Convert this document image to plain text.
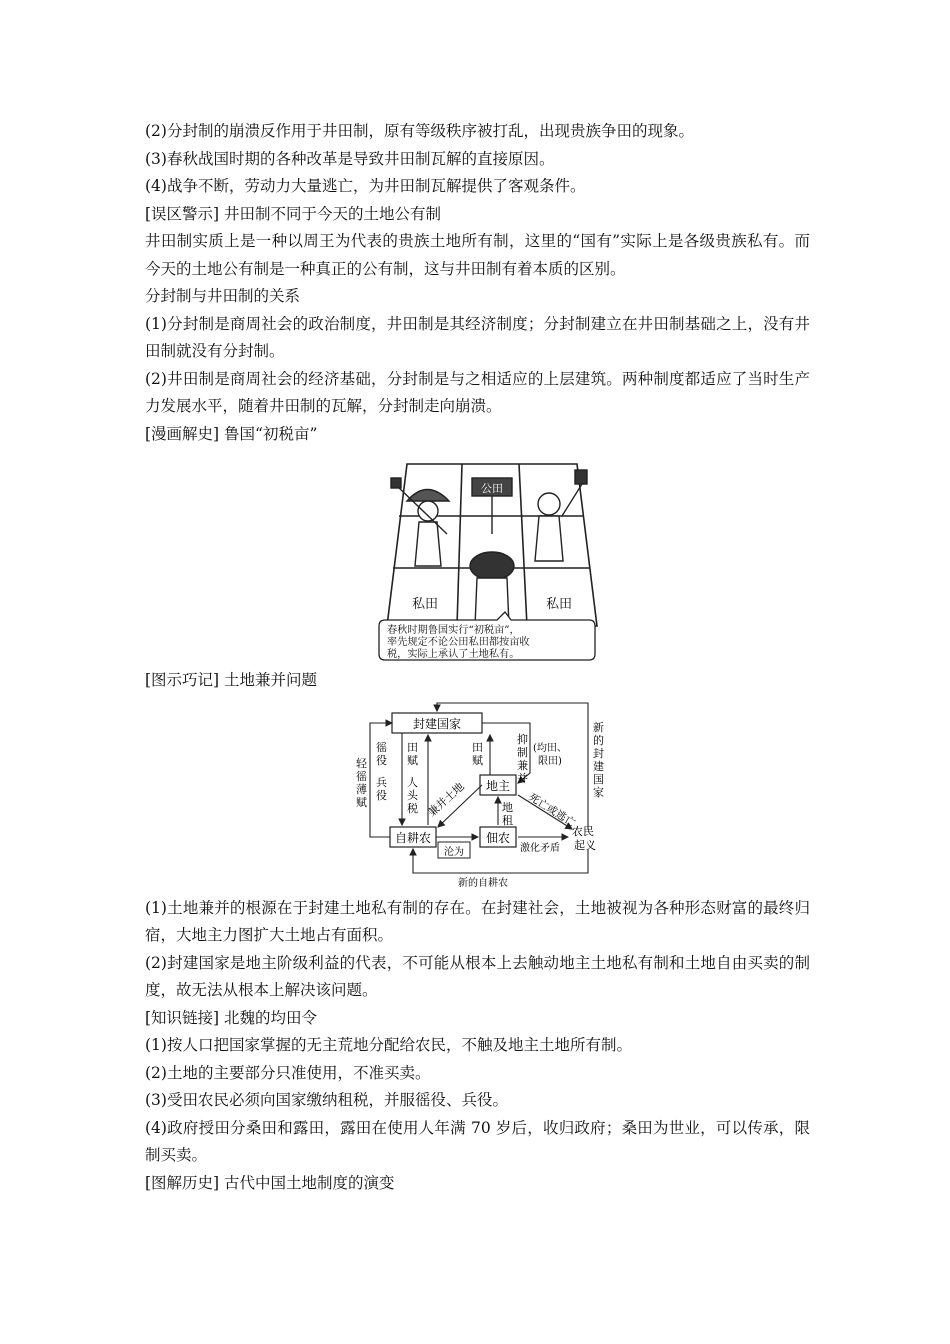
(2)分封制的崩溃反作用于井田制，原有等级秩序被打乱，出现贵族争田的现象。

(3)春秋战国时期的各种改革是导致井田制瓦解的直接原因。

(4)战争不断，劳动力大量逃亡，为井田制瓦解提供了客观条件。

[误区警示] 井田制不同于今天的土地公有制

井田制实质上是一种以周王为代表的贵族土地所有制，这里的“国有”实际上是各级贵族私有。而今天的土地公有制是一种真正的公有制，这与井田制有着本质的区别。

分封制与井田制的关系

(1)分封制是商周社会的政治制度，井田制是其经济制度；分封制建立在井田制基础之上，没有井田制就没有分封制。

(2)井田制是商周社会的经济基础，分封制是与之相适应的上层建筑。两种制度都适应了当时生产力发展水平，随着井田制的瓦解，分封制走向崩溃。

[漫画解史] 鲁国“初税亩”

公田
私田	私田
春秋时期鲁国实行“初税亩”，
率先规定不论公田私田都按亩收
税，实际上承认了土地私有。

[图示巧记] 土地兼并问题

封建国家
地主
自耕农	佃农
沦为
轻徭薄赋
徭役兵役
田赋人头税
田赋
抑制兼并
(均田、限田)
新的封建国家
地租
农民起义
兼并土地	死亡或逃亡
激化矛盾
新的自耕农

(1)土地兼并的根源在于封建土地私有制的存在。在封建社会，土地被视为各种形态财富的最终归宿，大地主力图扩大土地占有面积。

(2)封建国家是地主阶级利益的代表，不可能从根本上去触动地主土地私有制和土地自由买卖的制度，故无法从根本上解决该问题。

[知识链接] 北魏的均田令

(1)按人口把国家掌握的无主荒地分配给农民，不触及地主土地所有制。

(2)土地的主要部分只准使用，不准买卖。

(3)受田农民必须向国家缴纳租税，并服徭役、兵役。

(4)政府授田分桑田和露田，露田在使用人年满 70 岁后，收归政府；桑田为世业，可以传承，限制买卖。

[图解历史] 古代中国土地制度的演变
